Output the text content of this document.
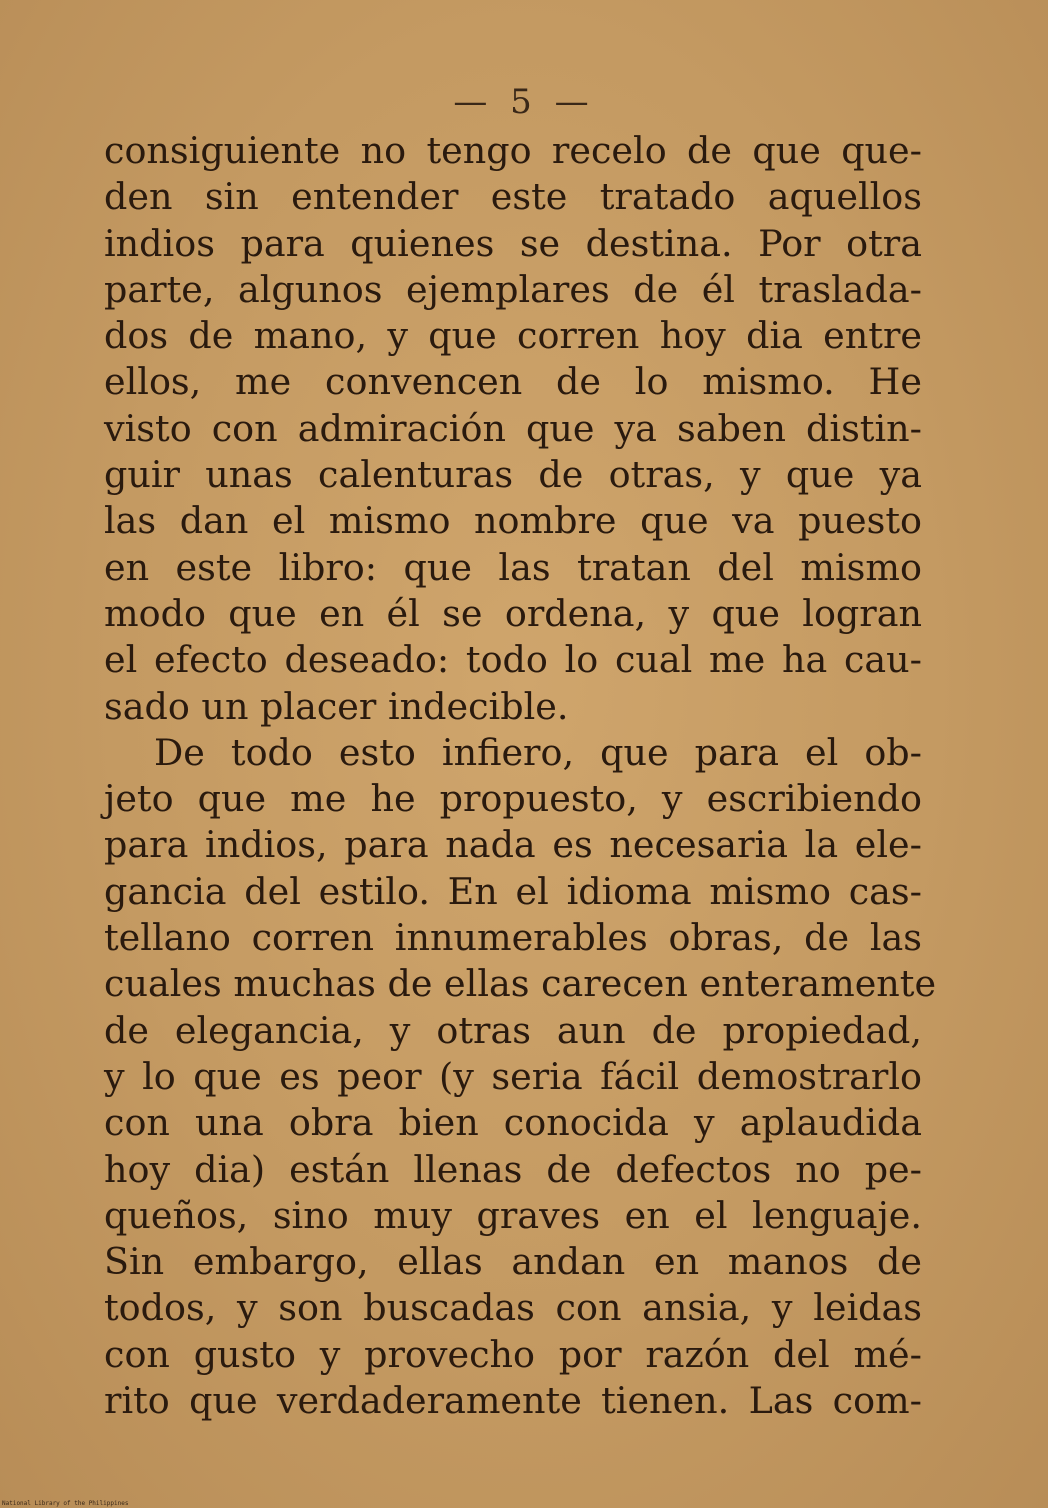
— 5 —
consiguiente no tengo recelo de que que-
den sin entender este tratado aquellos
indios para quienes se destina. Por otra
parte, algunos ejemplares de él traslada-
dos de mano, y que corren hoy dia entre
ellos, me convencen de lo mismo. He
visto con admiración que ya saben distin-
guir unas calenturas de otras, y que ya
las dan el mismo nombre que va puesto
en este libro: que las tratan del mismo
modo que en él se ordena, y que logran
el efecto deseado: todo lo cual me ha cau-
sado un placer indecible.
De todo esto infiero, que para el ob-
jeto que me he propuesto, y escribiendo
para indios, para nada es necesaria la ele-
gancia del estilo. En el idioma mismo cas-
tellano corren innumerables obras, de las
cuales muchas de ellas carecen enteramente
de elegancia, y otras aun de propiedad,
y lo que es peor (y seria fácil demostrarlo
con una obra bien conocida y aplaudida
hoy dia) están llenas de defectos no pe-
queños, sino muy graves en el lenguaje.
Sin embargo, ellas andan en manos de
todos, y son buscadas con ansia, y leidas
con gusto y provecho por razón del mé-
rito que verdaderamente tienen. Las com-
National Library of the Philippines
